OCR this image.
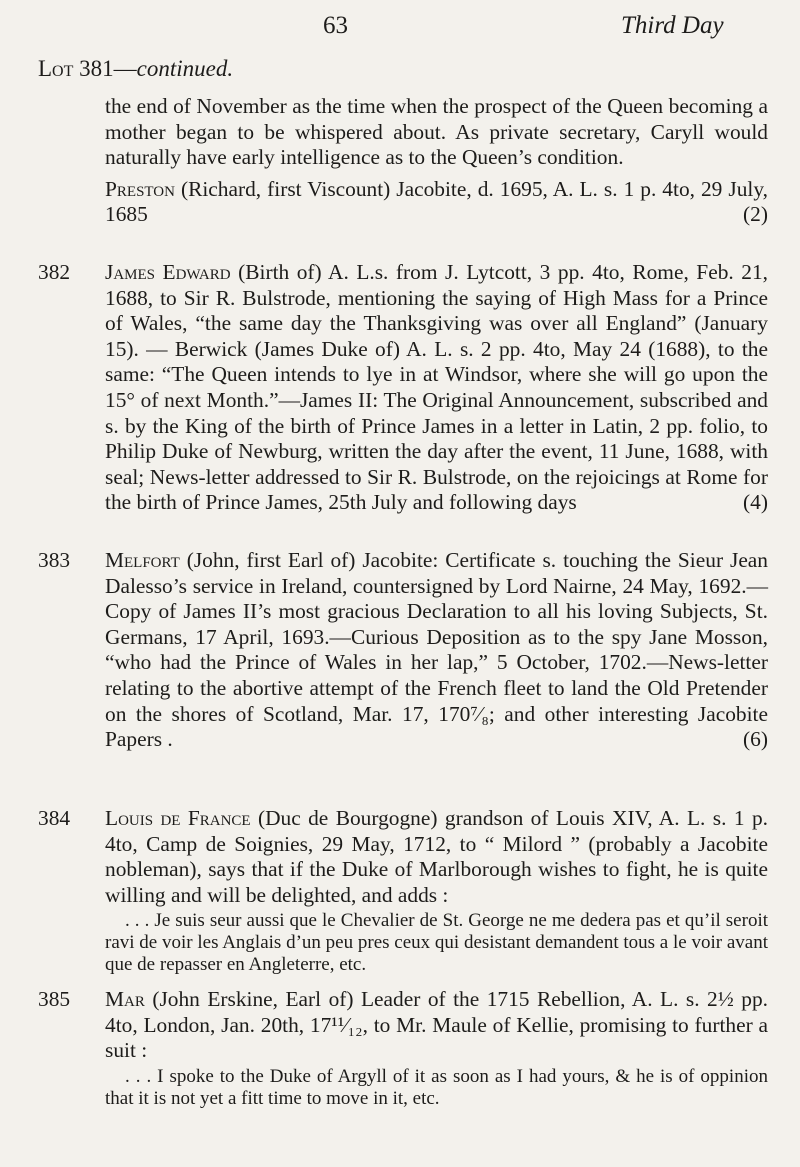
63	Third Day
Lot 381—continued.

the end of November as the time when the prospect of the Queen becoming a mother began to be whispered about. As private secretary, Caryll would naturally have early intelligence as to the Queen’s condition.

Preston (Richard, first Viscount) Jacobite, d. 1695, A. L. s. 1 p. 4to, 29 July, 1685	(2)

382 James Edward (Birth of) A. L.s. from J. Lytcott, 3 pp. 4to, Rome, Feb. 21, 1688, to Sir R. Bulstrode, mentioning the saying of High Mass for a Prince of Wales, “the same day the Thanksgiving was over all England” (January 15). — Berwick (James Duke of) A. L. s. 2 pp. 4to, May 24 (1688), to the same: “The Queen intends to lye in at Windsor, where she will go upon the 15° of next Month.”—James II: The Original Announcement, subscribed and s. by the King of the birth of Prince James in a letter in Latin, 2 pp. folio, to Philip Duke of Newburg, written the day after the event, 11 June, 1688, with seal; News-letter addressed to Sir R. Bulstrode, on the rejoicings at Rome for the birth of Prince James, 25th July and following days	(4)

383 Melfort (John, first Earl of) Jacobite: Certificate s. touching the Sieur Jean Dalesso’s service in Ireland, countersigned by Lord Nairne, 24 May, 1692.—Copy of James II’s most gracious Declaration to all his loving Subjects, St. Germans, 17 April, 1693.—Curious Deposition as to the spy Jane Mosson, “who had the Prince of Wales in her lap,” 5 October, 1702.—News-letter relating to the abortive attempt of the French fleet to land the Old Pretender on the shores of Scotland, Mar. 17, 170⁷⁄₈; and other interesting Jacobite Papers .	(6)

384 Louis de France (Duc de Bourgogne) grandson of Louis XIV, A. L. s. 1 p. 4to, Camp de Soignies, 29 May, 1712, to “ Milord ” (probably a Jacobite nobleman), says that if the Duke of Marlborough wishes to fight, he is quite willing and will be delighted, and adds :

. . . Je suis seur aussi que le Chevalier de St. George ne me dedera pas et qu’il seroit ravi de voir les Anglais d’un peu pres ceux qui desistant demandent tous a le voir avant que de repasser en Angleterre, etc.

385 Mar (John Erskine, Earl of) Leader of the 1715 Rebellion, A. L. s. 2½ pp. 4to, London, Jan. 20th, 17¹¹⁄₁₂, to Mr. Maule of Kellie, promising to further a suit :

. . . I spoke to the Duke of Argyll of it as soon as I had yours, & he is of oppinion that it is not yet a fitt time to move in it, etc.
